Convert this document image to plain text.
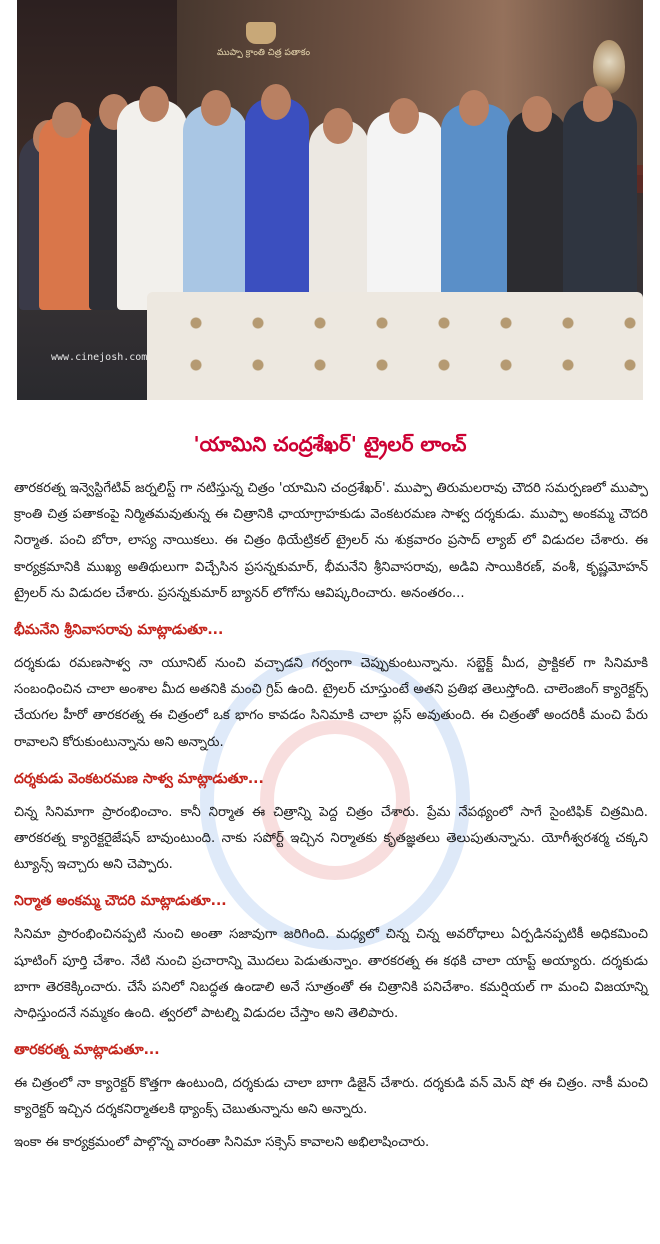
ముప్పా క్రాంతి చిత్ర పతాకం
www.cinejosh.com
'యామిని చంద్రశేఖర్' ట్రైలర్ లాంచ్

తారకరత్న ఇన్వెస్టిగేటివ్ జర్నలిస్ట్ గా నటిస్తున్న చిత్రం 'యామిని చంద్రశేఖర్'. ముప్పా తిరుమలరావు చౌదరి సమర్పణలో ముప్పా క్రాంతి చిత్ర పతాకంపై నిర్మితమవుతున్న ఈ చిత్రానికి ఛాయాగ్రాహకుడు వెంకటరమణ సాళ్వ దర్శకుడు. ముప్పా అంకమ్మ చౌదరి నిర్మాత. పంచి బోరా, లాస్య నాయికలు. ఈ చిత్రం థియేట్రికల్ ట్రైలర్ ను శుక్రవారం ప్రసాద్ ల్యాబ్ లో విడుదల చేశారు. ఈ కార్యక్రమానికి ముఖ్య అతిథులుగా విచ్చేసిన ప్రసన్నకుమార్, భీమనేని శ్రీనివాసరావు, అడివి సాయికిరణ్, వంశీ, కృష్ణమోహన్ ట్రైలర్ ను విడుదల చేశారు. ప్రసన్నకుమార్ బ్యానర్ లోగోను ఆవిష్కరించారు. అనంతరం...

భీమనేని శ్రీనివాసరావు మాట్లాడుతూ...

దర్శకుడు రమణసాళ్వ నా యూనిట్ నుంచి వచ్చాడని గర్వంగా చెప్పుకుంటున్నాను. సబ్జెక్ట్ మీద, ప్రాక్టికల్ గా సినిమాకి సంబంధించిన చాలా అంశాల మీద అతనికి మంచి గ్రిప్ ఉంది. ట్రైలర్ చూస్తుంటే అతని ప్రతిభ తెలుస్తోంది. చాలెంజింగ్ క్యారెక్టర్స్ చేయగల హీరో తారకరత్న ఈ చిత్రంలో ఒక భాగం కావడం సినిమాకి చాలా ప్లస్ అవుతుంది. ఈ చిత్రంతో అందరికీ మంచి పేరు రావాలని కోరుకుంటున్నాను అని అన్నారు.

దర్శకుడు వెంకటరమణ సాళ్వ మాట్లాడుతూ...

చిన్న సినిమాగా ప్రారంభించాం. కానీ నిర్మాత ఈ చిత్రాన్ని పెద్ద చిత్రం చేశారు. ప్రేమ నేపథ్యంలో సాగే సైంటిఫిక్ చిత్రమిది. తారకరత్న క్యారెక్టరైజేషన్ బావుంటుంది. నాకు సపోర్ట్ ఇచ్చిన నిర్మాతకు కృతజ్ఞతలు తెలుపుతున్నాను. యోగీశ్వరశర్మ చక్కని ట్యూన్స్ ఇచ్చారు అని చెప్పారు.

నిర్మాత అంకమ్మ చౌదరి మాట్లాడుతూ...

సినిమా ప్రారంభించినప్పటి నుంచి అంతా సజావుగా జరిగింది. మధ్యలో చిన్న చిన్న అవరోధాలు ఏర్పడినప్పటికీ అధికమించి షూటింగ్ పూర్తి చేశాం. నేటి నుంచి ప్రచారాన్ని మొదలు పెడుతున్నాం. తారకరత్న ఈ కథకి చాలా యాప్ట్ అయ్యారు. దర్శకుడు బాగా తెరకెక్కించారు. చేసే పనిలో నిబద్ధత ఉండాలి అనే సూత్రంతో ఈ చిత్రానికి పనిచేశాం. కమర్షియల్ గా మంచి విజయాన్ని సాధిస్తుందనే నమ్మకం ఉంది. త్వరలో పాటల్ని విడుదల చేస్తాం అని తెలిపారు.

తారకరత్న మాట్లాడుతూ...

ఈ చిత్రంలో నా క్యారెక్టర్ కొత్తగా ఉంటుంది, దర్శకుడు చాలా బాగా డిజైన్ చేశారు. దర్శకుడి వన్ మెన్ షో ఈ చిత్రం. నాకీ మంచి క్యారెక్టర్ ఇచ్చిన దర్శకనిర్మాతలకి థ్యాంక్స్ చెబుతున్నాను అని అన్నారు.

ఇంకా ఈ కార్యక్రమంలో పాల్గొన్న వారంతా సినిమా సక్సెస్ కావాలని అభిలాషించారు.
